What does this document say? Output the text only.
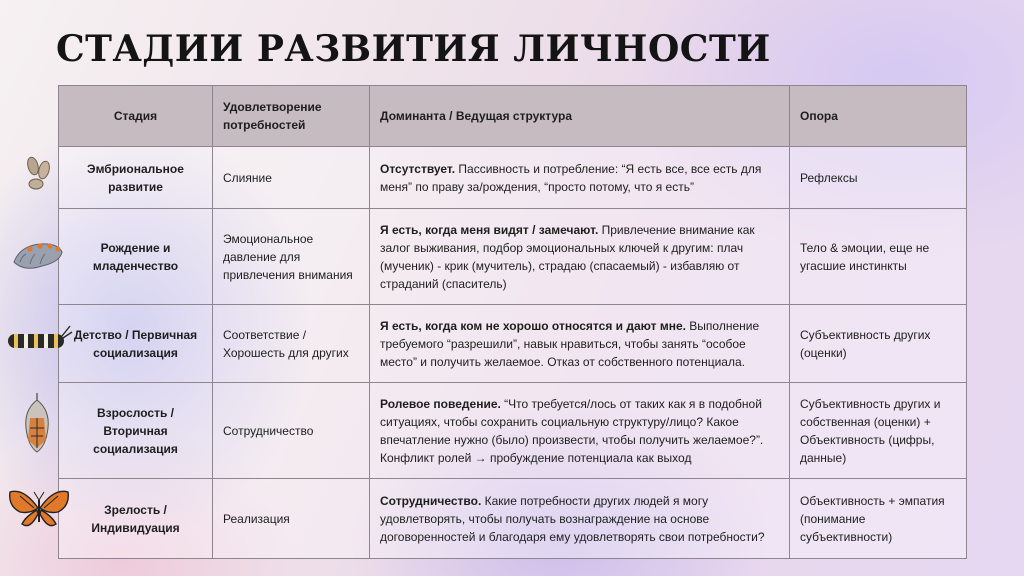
СТАДИИ РАЗВИТИЯ ЛИЧНОСТИ
Стадия	Удовлетворение потребностей	Доминанта / Ведущая структура	Опора
Эмбриональное развитие	Слияние	Отсутствует. Пассивность и потребление: “Я есть все, все есть для меня” по праву за/рождения, “просто потому, что я есть”	Рефлексы
Рождение и младенчество	Эмоциональное давление для привлечения внимания	Я есть, когда меня видят / замечают. Привлечение внимание как залог выживания, подбор эмоциональных ключей к другим: плач (мученик) - крик (мучитель), страдаю (спасаемый) - избавляю от страданий (спаситель)	Тело & эмоции, еще не угасшие инстинкты
Детство / Первичная социализация	Соответствие / Хорошесть для других	Я есть, когда ком не хорошо относятся и дают мне. Выполнение требуемого “разрешили”, навык нравиться, чтобы занять “особое место” и получить желаемое. Отказ от собственного потенциала.	Субъективность других (оценки)
Взрослость / Вторичная социализация	Сотрудничество	Ролевое поведение. “Что требуется/лось от таких как я в подобной ситуациях, чтобы сохранить социальную структуру/лицо? Какое впечатление нужно (было) произвести, чтобы получить желаемое?”. Конфликт ролей → пробуждение потенциала как выход	Субъективность других и собственная (оценки) + Объективность (цифры, данные)
Зрелость / Индивидуация	Реализация	Сотрудничество. Какие потребности других людей я могу удовлетворять, чтобы получать вознаграждение на основе договоренностей и благодаря ему удовлетворять свои потребности?	Объективность + эмпатия (понимание субъективности)
